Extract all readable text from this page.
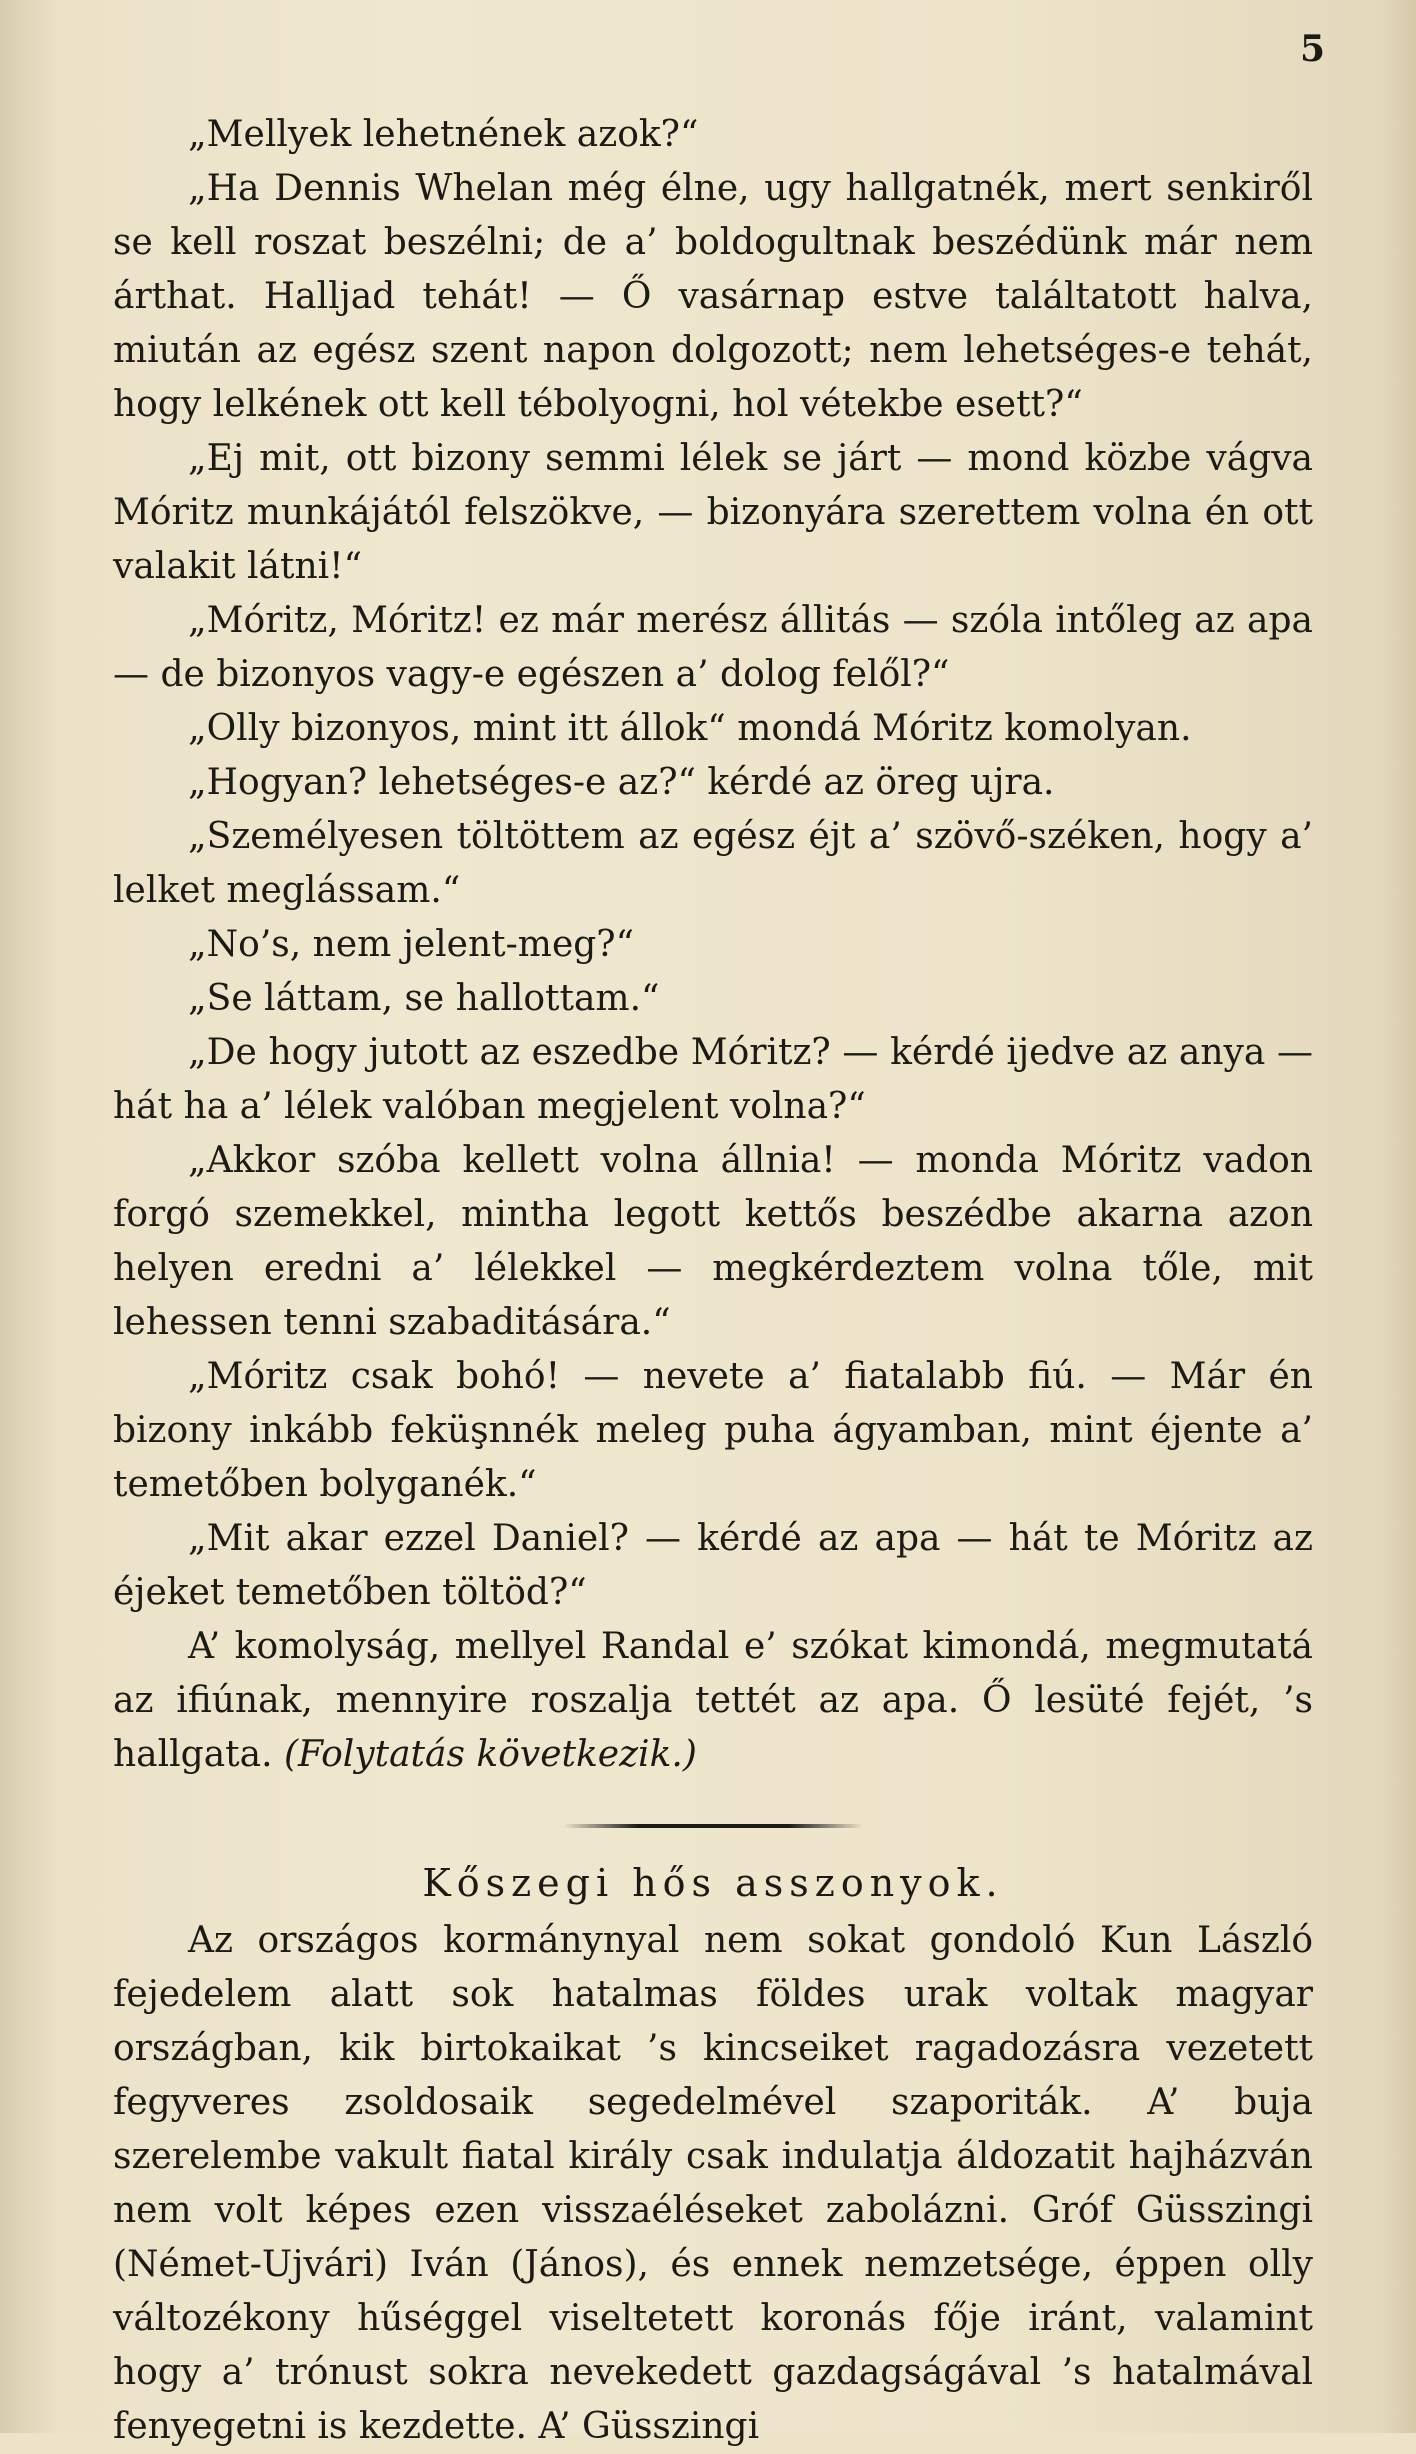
5

„Mellyek lehetnének azok?“

„Ha Dennis Whelan még élne, ugy hallgatnék, mert senkiről se kell roszat beszélni; de a’ boldogultnak beszédünk már nem árthat. Halljad tehát! — Ő vasárnap estve találtatott halva, miután az egész szent napon dolgozott; nem lehetséges-e tehát, hogy lelkének ott kell tébolyogni, hol vétekbe esett?“

„Ej mit, ott bizony semmi lélek se járt — mond közbe vágva Móritz munkájától felszökve, — bizonyára szerettem volna én ott valakit látni!“

„Móritz, Móritz! ez már merész állitás — szóla intőleg az apa — de bizonyos vagy-e egészen a’ dolog felől?“

„Olly bizonyos, mint itt állok“ mondá Móritz komolyan.

„Hogyan? lehetséges-e az?“ kérdé az öreg ujra.

„Személyesen töltöttem az egész éjt a’ szövő-széken, hogy a’ lelket meglássam.“

„No’s, nem jelent-meg?“

„Se láttam, se hallottam.“

„De hogy jutott az eszedbe Móritz? — kérdé ijedve az anya — hát ha a’ lélek valóban megjelent volna?“

„Akkor szóba kellett volna állnia! — monda Móritz vadon forgó szemekkel, mintha legott kettős beszédbe akarna azon helyen eredni a’ lélekkel — megkérdeztem volna tőle, mit lehessen tenni szabaditására.“

„Móritz csak bohó! — nevete a’ fiatalabb fiú. — Már én bizony inkább feküşnnék meleg puha ágyamban, mint éjente a’ temetőben bolyganék.“

„Mit akar ezzel Daniel? — kérdé az apa — hát te Móritz az éjeket temetőben töltöd?“

A’ komolyság, mellyel Randal e’ szókat kimondá, megmutatá az ifiúnak, mennyire roszalja tettét az apa. Ő lesüté fejét, ’s hallgata. (Folytatás következik.)

Kőszegi hős asszonyok.

Az országos kormánynyal nem sokat gondoló Kun László fejedelem alatt sok hatalmas földes urak voltak magyar országban, kik birtokaikat ’s kincseiket ragadozásra vezetett fegyveres zsoldosaik segedelmével szaporiták. A’ buja szerelembe vakult fiatal király csak indulatja áldozatit hajházván nem volt képes ezen visszaéléseket zabolázni. Gróf Güsszingi (Német-Ujvári) Iván (János), és ennek nemzetsége, éppen olly változékony hűséggel viseltetett koronás fője iránt, valamint hogy a’ trónust sokra nevekedett gazdagságával ’s hatalmával fenyegetni is kezdette. A’ Güsszingi
